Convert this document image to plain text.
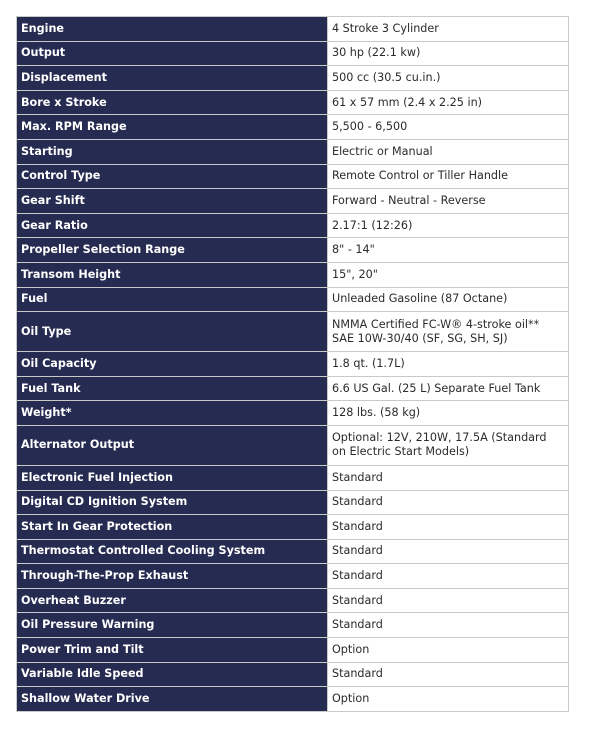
Engine	4 Stroke 3 Cylinder
Output	30 hp (22.1 kw)
Displacement	500 cc (30.5 cu.in.)
Bore x Stroke	61 x 57 mm (2.4 x 2.25 in)
Max. RPM Range	5,500 - 6,500
Starting	Electric or Manual
Control Type	Remote Control or Tiller Handle
Gear Shift	Forward - Neutral - Reverse
Gear Ratio	2.17:1 (12:26)
Propeller Selection Range	8" - 14"
Transom Height	15", 20"
Fuel	Unleaded Gasoline (87 Octane)
Oil Type	NMMA Certified FC-W® 4-stroke oil** SAE 10W-30/40 (SF, SG, SH, SJ)
Oil Capacity	1.8 qt. (1.7L)
Fuel Tank	6.6 US Gal. (25 L) Separate Fuel Tank
Weight*	128 lbs. (58 kg)
Alternator Output	Optional: 12V, 210W, 17.5A (Standard on Electric Start Models)
Electronic Fuel Injection	Standard
Digital CD Ignition System	Standard
Start In Gear Protection	Standard
Thermostat Controlled Cooling System	Standard
Through-The-Prop Exhaust	Standard
Overheat Buzzer	Standard
Oil Pressure Warning	Standard
Power Trim and Tilt	Option
Variable Idle Speed	Standard
Shallow Water Drive	Option
